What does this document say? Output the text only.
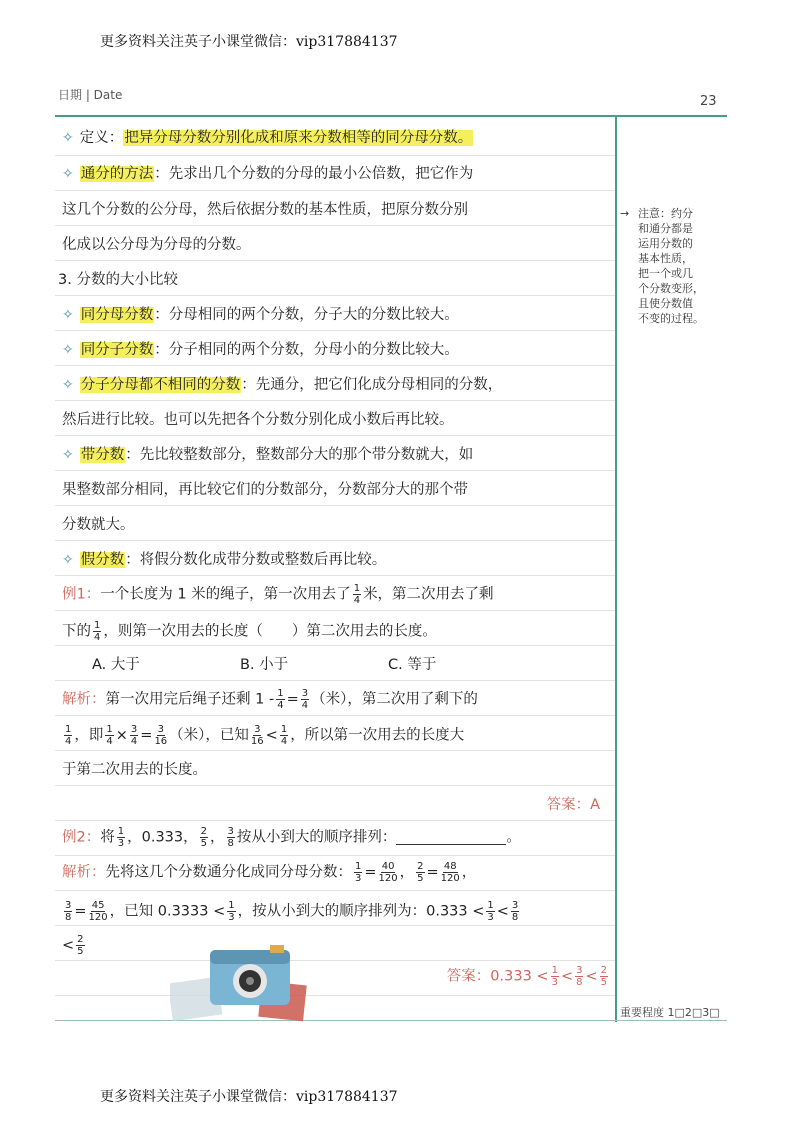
更多资料关注英子小课堂微信：vip317884137
日期 | Date	23
✧ 定义：把异分母分数分别化成和原来分数相等的同分母分数。
✧ 通分的方法：先求出几个分数的分母的最小公倍数，把它作为
这几个分数的公分母，然后依据分数的基本性质，把原分数分别
化成以公分母为分母的分数。
3. 分数的大小比较
✧ 同分母分数：分母相同的两个分数，分子大的分数比较大。
✧ 同分子分数：分子相同的两个分数，分母小的分数比较大。
✧ 分子分母都不相同的分数：先通分，把它们化成分母相同的分数，
然后进行比较。也可以先把各个分数分别化成小数后再比较。
✧ 带分数：先比较整数部分，整数部分大的那个带分数就大，如
果整数部分相同，再比较它们的分数部分，分数部分大的那个带
分数就大。
✧ 假分数：将假分数化成带分数或整数后再比较。
例1：一个长度为 1 米的绳子，第一次用去了 $\frac{1}{4}$ 米，第二次用去了剩
下的 $\frac{1}{4}$ ，则第一次用去的长度（　　）第二次用去的长度。
A. 大于	B. 小于	C. 等于
解析：第一次用完后绳子还剩 $1 - \frac{1}{4} = \frac{3}{4}$ （米），第二次用了剩下的
$\frac{1}{4}$ ，即 $\frac{1}{4} \times \frac{3}{4} = \frac{3}{16}$ （米），已知 $\frac{3}{16} < \frac{1}{4}$ ，所以第一次用去的长度大
于第二次用去的长度。
答案：A
例2：将 $\frac{1}{3}$ ，0.333， $\frac{2}{5}$ ， $\frac{3}{8}$ 按从小到大的顺序排列：	。
解析：先将这几个分数通分化成同分母分数： $\frac{1}{3} = \frac{40}{120}$ ， $\frac{2}{5} = \frac{48}{120}$ ，
$\frac{3}{8} = \frac{45}{120}$ ，已知 $0.3333 < \frac{1}{3}$ ，按从小到大的顺序排列为：$0.333 < \frac{1}{3} < \frac{3}{8}$
< $\frac{2}{5}$
答案：$0.333 < \frac{1}{3} < \frac{3}{8} < \frac{2}{5}$
→ 注意：约分
和通分都是
运用分数的
基本性质，
把一个或几
个分数变形，
且使分数值
不变的过程。
重要程度 1□2□3□
更多资料关注英子小课堂微信：vip317884137
